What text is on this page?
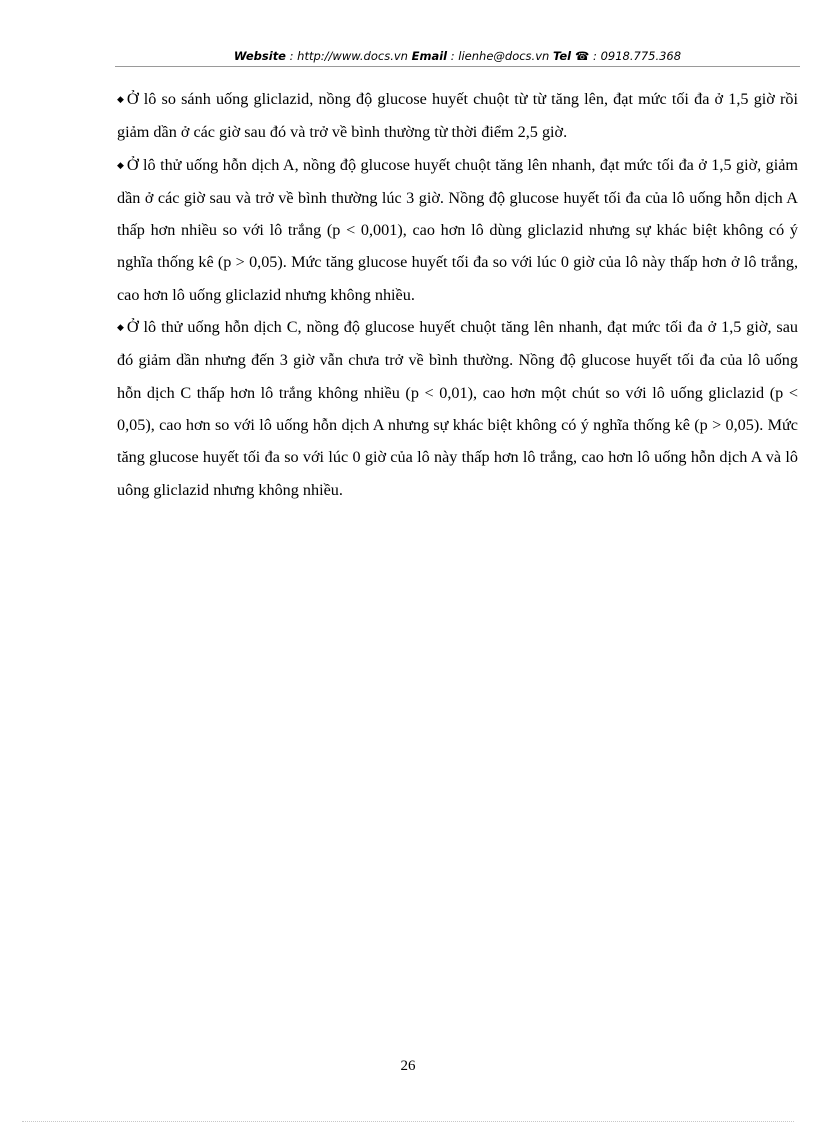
Website : http://www.docs.vn Email : lienhe@docs.vn Tel ☎ : 0918.775.368

◆ Ở lô so sánh uống gliclazid, nồng độ glucose huyết chuột từ từ tăng lên, đạt mức tối đa ở 1,5 giờ rồi giảm dần ở các giờ sau đó và trở về bình thường từ thời điểm 2,5 giờ.

◆ Ở lô thử uống hỗn dịch A, nồng độ glucose huyết chuột tăng lên nhanh, đạt mức tối đa ở 1,5 giờ, giảm dần ở các giờ sau và trở về bình thường lúc 3 giờ. Nồng độ glucose huyết tối đa của lô uống hỗn dịch A thấp hơn nhiều so với lô trắng (p < 0,001), cao hơn lô dùng gliclazid nhưng sự khác biệt không có ý nghĩa thống kê (p > 0,05). Mức tăng glucose huyết tối đa so với lúc 0 giờ của lô này thấp hơn ở lô trắng, cao hơn lô uống gliclazid nhưng không nhiều.

◆ Ở lô thử uống hỗn dịch C, nồng độ glucose huyết chuột tăng lên nhanh, đạt mức tối đa ở 1,5 giờ, sau đó giảm dần nhưng đến 3 giờ vẫn chưa trở về bình thường. Nồng độ glucose huyết tối đa của lô uống hỗn dịch C thấp hơn lô trắng không nhiều (p < 0,01), cao hơn một chút so với lô uống gliclazid (p < 0,05), cao hơn so với lô uống hỗn dịch A nhưng sự khác biệt không có ý nghĩa thống kê (p > 0,05). Mức tăng glucose huyết tối đa so với lúc 0 giờ của lô này thấp hơn lô trắng, cao hơn lô uống hỗn dịch A và lô uông gliclazid nhưng không nhiều.

26
